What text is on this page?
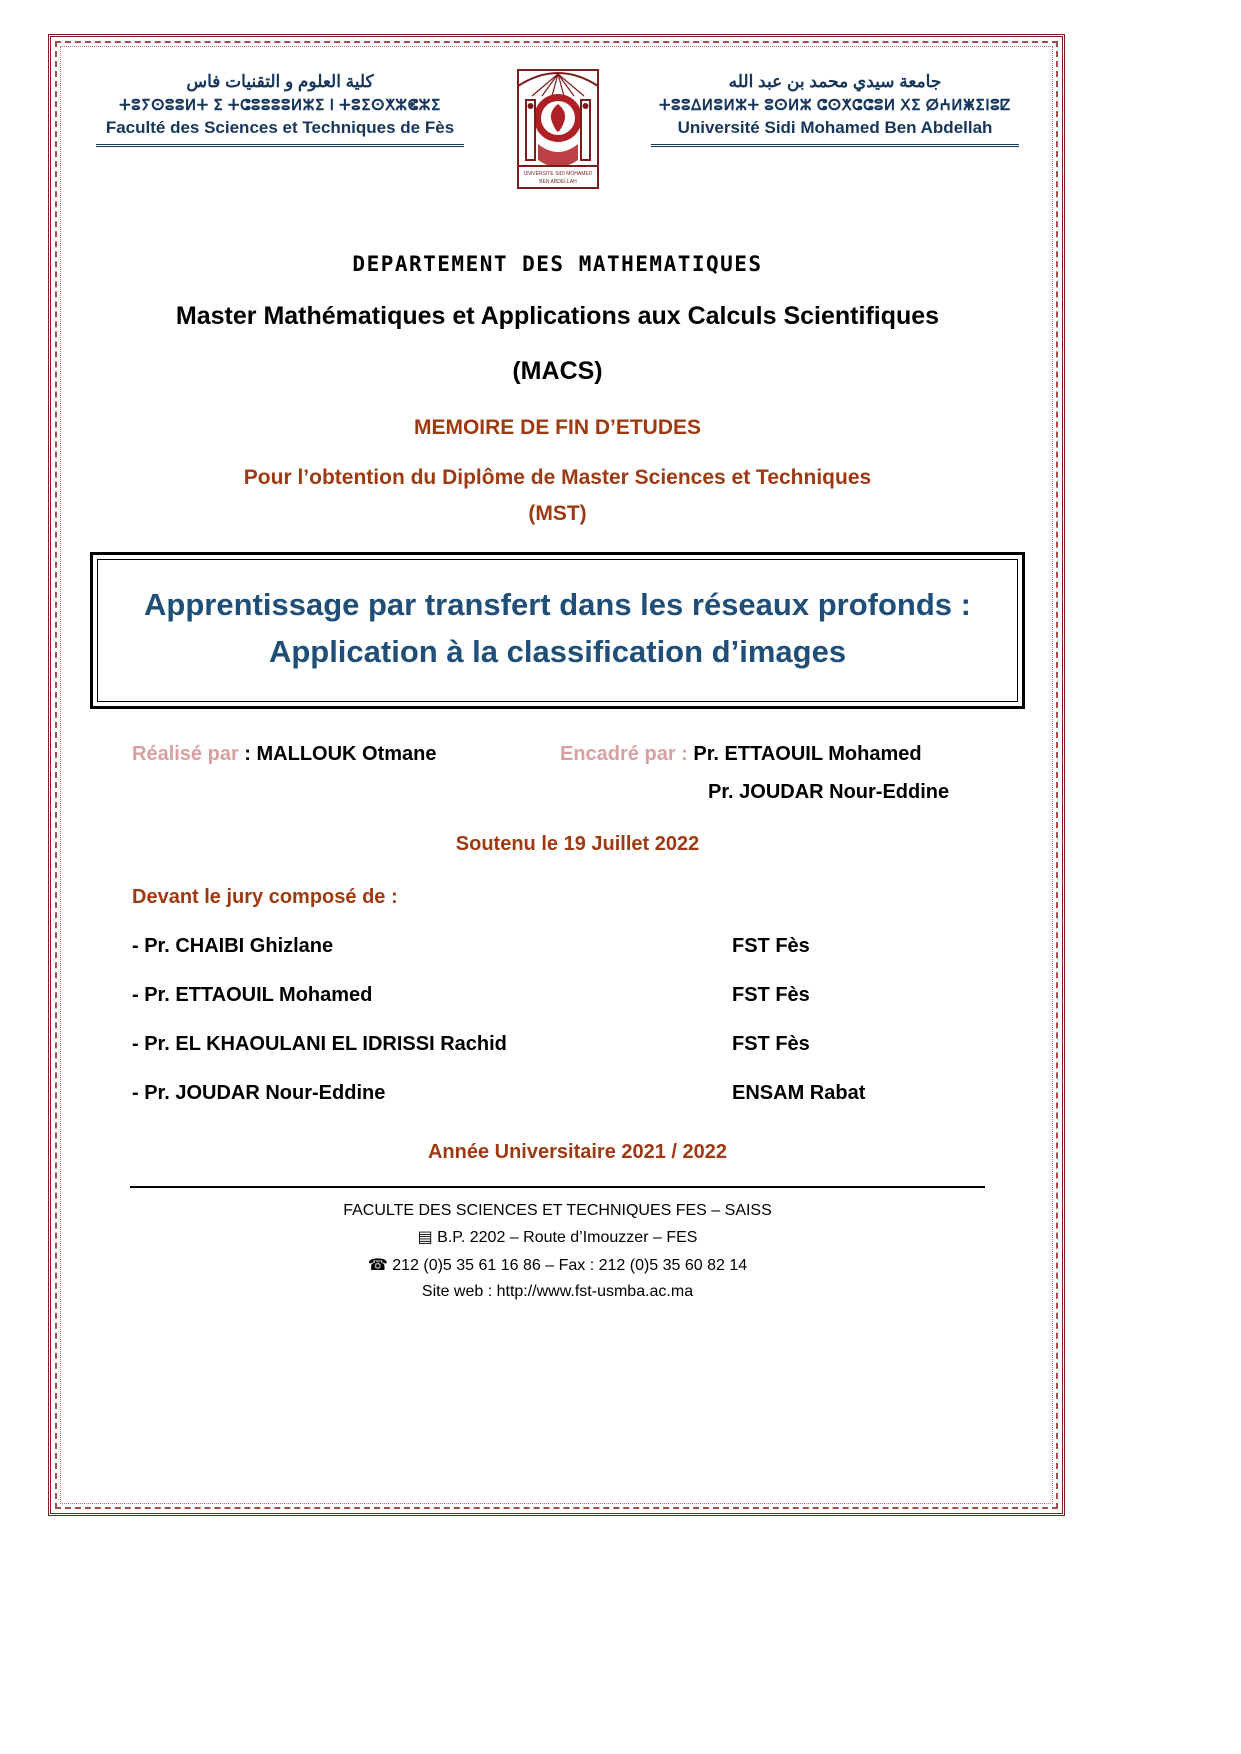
كلية العلوم و التقنيات فاس
ⵜⵓⵢⵙⵓⵓⵍⵜ ⵉ ⵜⵛⵓⵓⵓⵓⵍⵣⵉ ⵏ ⵜⵓⵉⵙⵅⵣⵞⵣⵉ
Faculté des Sciences et Techniques de Fès
UNIVERSITE SIDI MOHAMED
BEN ABDELLAH
جامعة سيدي محمد بن عبد الله
ⵜⵓⵓⵠⵍⵓⵍⵣⵜ ⵓⵙⵍⵣ ⵛⵙⵅⵛⵛⵓⵍ ⵝⵉ ⵁⵄⵍⵥⵉⵏⵓⵇ
Université Sidi Mohamed Ben Abdellah
DEPARTEMENT DES MATHEMATIQUES
Master Mathématiques et Applications aux Calculs Scientifiques
(MACS)
MEMOIRE DE FIN D’ETUDES
Pour l’obtention du Diplôme de Master Sciences et Techniques
(MST)
Apprentissage par transfert dans les réseaux profonds : Application à la classification d’images
Réalisé par : MALLOUK Otmane	Encadré par : Pr. ETTAOUIL Mohamed
Pr. JOUDAR Nour-Eddine
Soutenu le 19 Juillet 2022
Devant le jury composé de :
- Pr. CHAIBI Ghizlane	FST Fès
- Pr. ETTAOUIL Mohamed	FST Fès
- Pr. EL KHAOULANI EL IDRISSI Rachid	FST Fès
- Pr. JOUDAR Nour-Eddine	ENSAM Rabat
Année Universitaire 2021 / 2022
FACULTE DES SCIENCES ET TECHNIQUES FES – SAISS
▤ B.P. 2202 – Route d’Imouzzer – FES
☎ 212 (0)5 35 61 16 86 – Fax : 212 (0)5 35 60 82 14
Site web : http://www.fst-usmba.ac.ma
